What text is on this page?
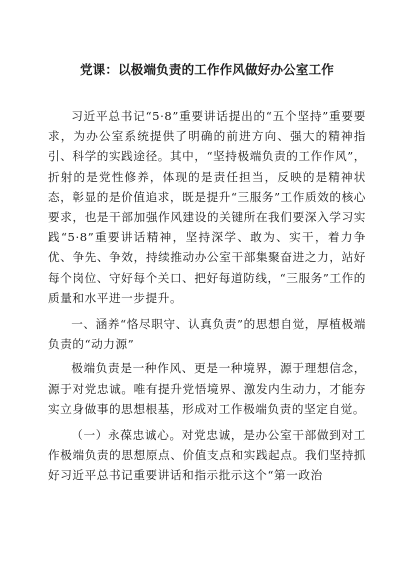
党课：以极端负责的工作作风做好办公室工作

习近平总书记“5·8”重要讲话提出的“五个坚持”重要要求，为办公室系统提供了明确的前进方向、强大的精神指引、科学的实践途径。其中，“坚持极端负责的工作作风”，折射的是党性修养，体现的是责任担当，反映的是精神状态，彰显的是价值追求，既是提升“三服务”工作质效的核心要求，也是干部加强作风建设的关键所在我们要深入学习实践“5·8”重要讲话精神，坚持深学、敢为、实干，着力争优、争先、争效，持续推动办公室干部集聚奋进之力，站好每个岗位、守好每个关口、把好每道防线，“三服务”工作的质量和水平进一步提升。

一、涵养“恪尽职守、认真负责”的思想自觉，厚植极端负责的“动力源”

极端负责是一种作风、更是一种境界，源于理想信念，源于对党忠诚。唯有提升党悟境界、激发内生动力，才能夯实立身做事的思想根基，形成对工作极端负责的坚定自觉。

（一）永葆忠诚心。对党忠诚，是办公室干部做到对工作极端负责的思想原点、价值支点和实践起点。我们坚持抓好习近平总书记重要讲话和指示批示这个“第一政治
